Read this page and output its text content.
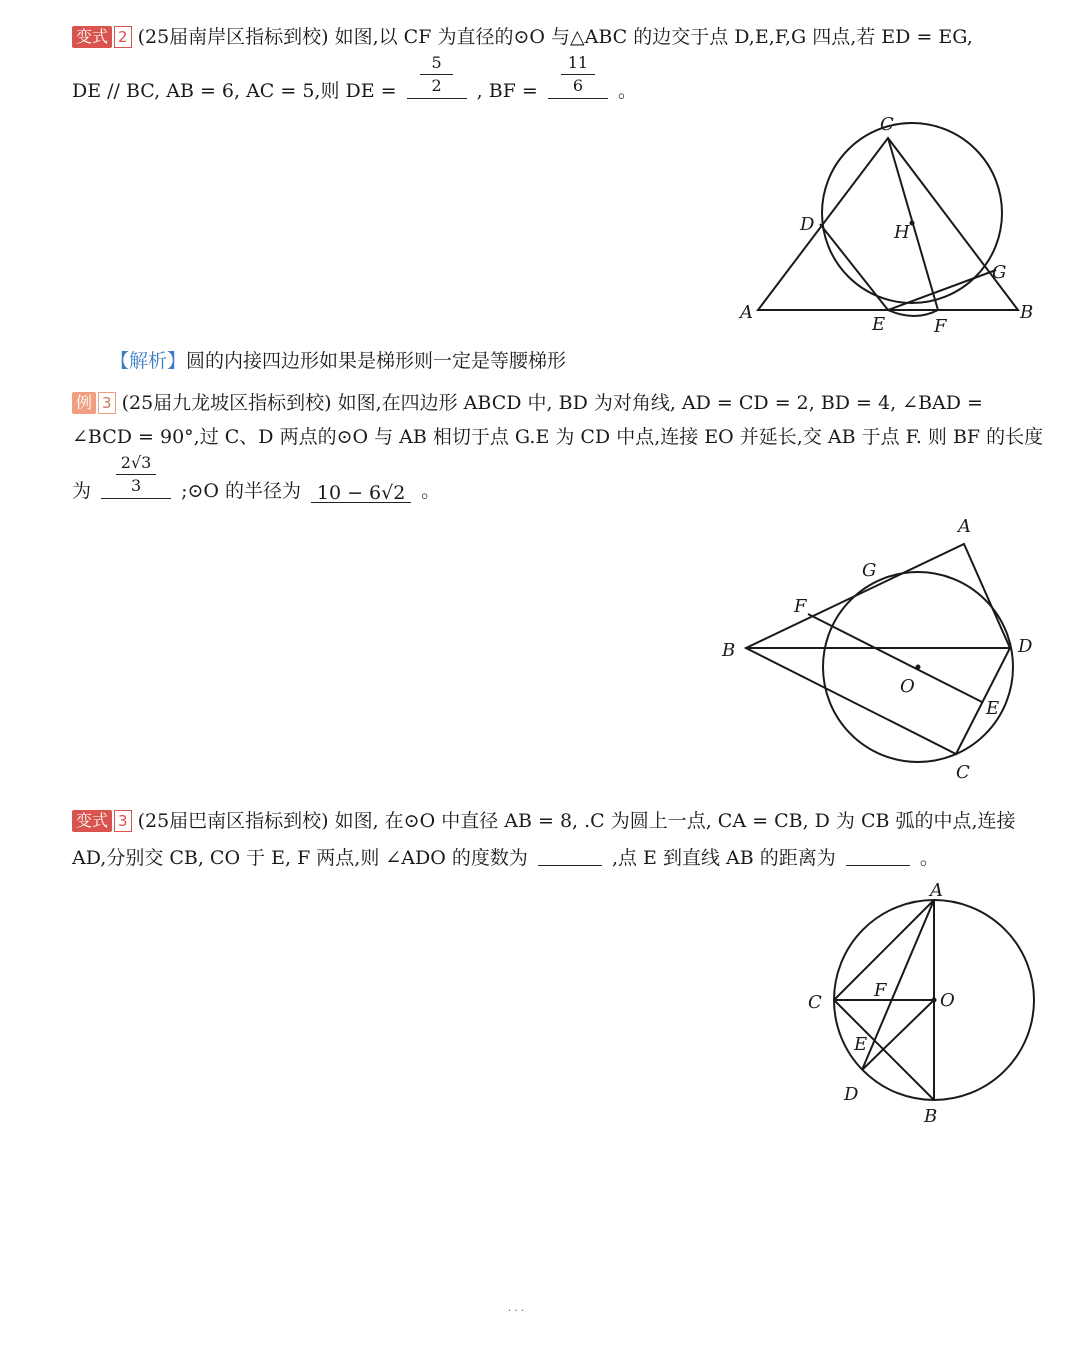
变式 2 (25届南岸区指标到校) 如图,以 CF 为直径的⊙O 与△ABC 的边交于点 D,E,F,G 四点,若 ED = EG,
DE // BC, AB = 6, AC = 5,则 DE = $\frac{5}{2}$ , BF = $\frac{11}{6}$ 。
C
D	H
G
A
E	F
B
【解析】圆的内接四边形如果是梯形则一定是等腰梯形
例 3 (25届九龙坡区指标到校) 如图,在四边形 ABCD 中, BD 为对角线, AD = CD = 2, BD = 4, ∠BAD =
∠BCD = 90°,过 C、D 两点的⊙O 与 AB 相切于点 G.E 为 CD 中点,连接 EO 并延长,交 AB 于点 F. 则 BF 的长度
为 $\frac{2√3}{3}$ ;⊙O 的半径为 10 − 6√2 。
A
G
F
B	D
O
E
C
变式 3 (25届巴南区指标到校) 如图, 在⊙O 中直径 AB = 8, .C 为圆上一点, CA = CB, D 为 CB 弧的中点,连接
AD,分别交 CB, CO 于 E, F 两点,则 ∠ADO 的度数为	,点 E 到直线 AB 的距离为	。
A
C
F	O
E
D
B
· · ·
